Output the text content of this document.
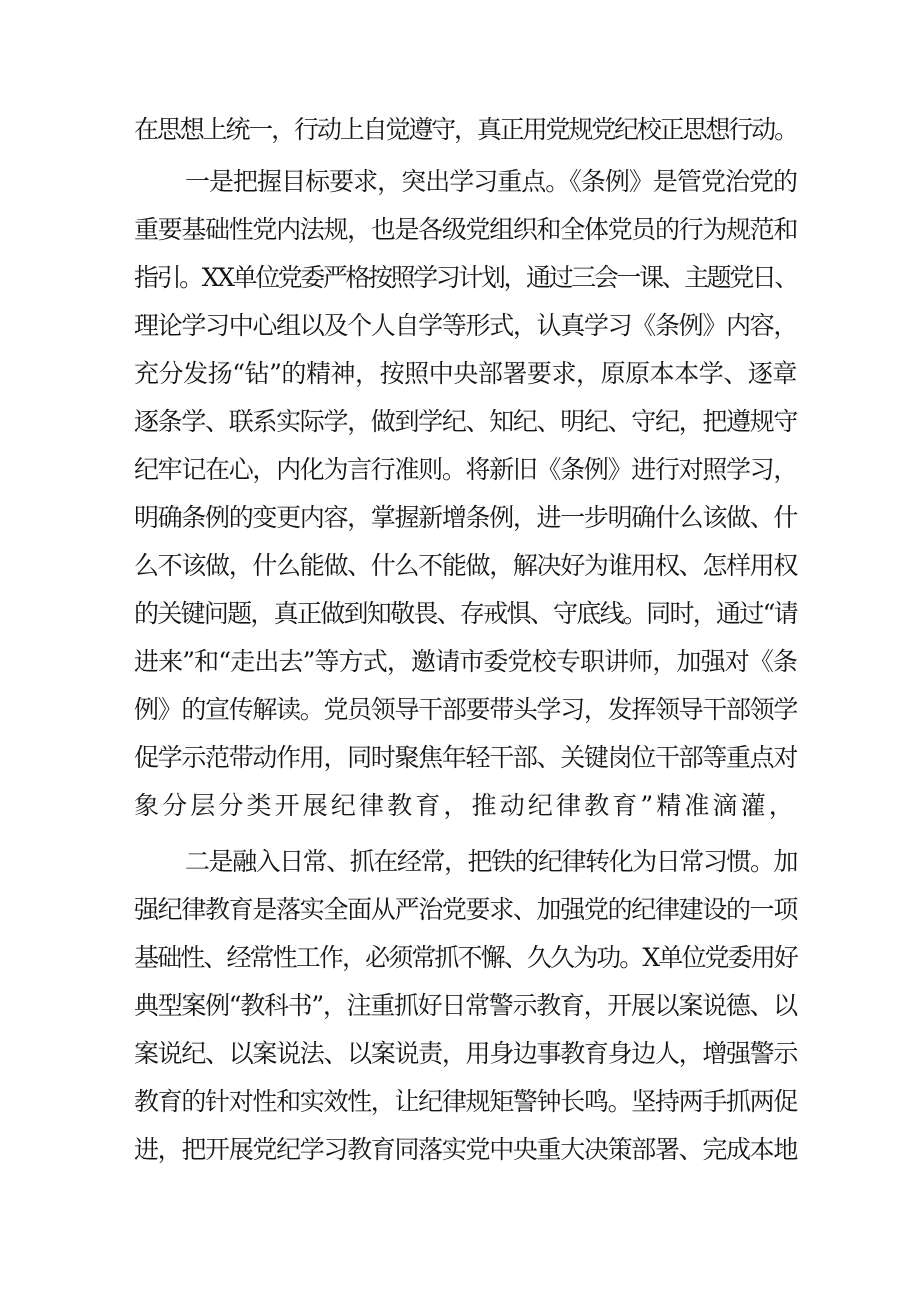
在思想上统一，行动上自觉遵守，真正用党规党纪校正思想行动。
一是把握目标要求，突出学习重点。《条例》是管党治党的
重要基础性党内法规，也是各级党组织和全体党员的行为规范和
指引。XX单位党委严格按照学习计划，通过三会一课、主题党日、
理论学习中心组以及个人自学等形式，认真学习《条例》内容，
充分发扬“钻”的精神，按照中央部署要求，原原本本学、逐章
逐条学、联系实际学，做到学纪、知纪、明纪、守纪，把遵规守
纪牢记在心，内化为言行准则。将新旧《条例》进行对照学习，
明确条例的变更内容，掌握新增条例，进一步明确什么该做、什
么不该做，什么能做、什么不能做，解决好为谁用权、怎样用权
的关键问题，真正做到知敬畏、存戒惧、守底线。同时，通过“请
进来”和“走出去”等方式，邀请市委党校专职讲师，加强对《条
例》的宣传解读。党员领导干部要带头学习，发挥领导干部领学
促学示范带动作用，同时聚焦年轻干部、关键岗位干部等重点对
象分层分类开展纪律教育，推动纪律教育”精准滴灌，
二是融入日常、抓在经常，把铁的纪律转化为日常习惯。加
强纪律教育是落实全面从严治党要求、加强党的纪律建设的一项
基础性、经常性工作，必须常抓不懈、久久为功。X单位党委用好
典型案例“教科书”，注重抓好日常警示教育，开展以案说德、以
案说纪、以案说法、以案说责，用身边事教育身边人，增强警示
教育的针对性和实效性，让纪律规矩警钟长鸣。坚持两手抓两促
进，把开展党纪学习教育同落实党中央重大决策部署、完成本地
